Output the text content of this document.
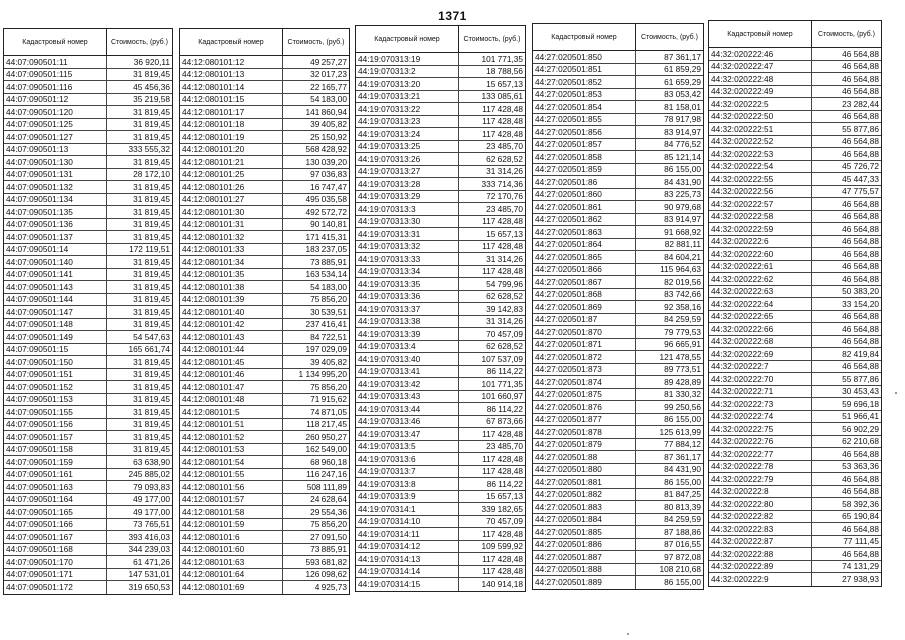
1371
Кадастровый номер	Стоимость, (руб.)
44:07:090501:11	36 920,11
44:07:090501:115	31 819,45
44:07:090501:116	45 456,36
44:07:090501:12	35 219,58
44:07:090501:120	31 819,45
44:07:090501:125	31 819,45
44:07:090501:127	31 819,45
44:07:090501:13	333 555,32
44:07:090501:130	31 819,45
44:07:090501:131	28 172,10
44:07:090501:132	31 819,45
44:07:090501:134	31 819,45
44:07:090501:135	31 819,45
44:07:090501:136	31 819,45
44:07:090501:137	31 819,45
44:07:090501:14	172 119,51
44:07:090501:140	31 819,45
44:07:090501:141	31 819,45
44:07:090501:143	31 819,45
44:07:090501:144	31 819,45
44:07:090501:147	31 819,45
44:07:090501:148	31 819,45
44:07:090501:149	54 547,63
44:07:090501:15	165 661,74
44:07:090501:150	31 819,45
44:07:090501:151	31 819,45
44:07:090501:152	31 819,45
44:07:090501:153	31 819,45
44:07:090501:155	31 819,45
44:07:090501:156	31 819,45
44:07:090501:157	31 819,45
44:07:090501:158	31 819,45
44:07:090501:159	63 638,90
44:07:090501:161	245 885,02
44:07:090501:163	79 093,83
44:07:090501:164	49 177,00
44:07:090501:165	49 177,00
44:07:090501:166	73 765,51
44:07:090501:167	393 416,03
44:07:090501:168	344 239,03
44:07:090501:170	61 471,26
44:07:090501:171	147 531,01
44:07:090501:172	319 650,53
Кадастровый номер	Стоимость, (руб.)
44:12:080101:12	49 257,27
44:12:080101:13	32 017,23
44:12:080101:14	22 165,77
44:12:080101:15	54 183,00
44:12:080101:17	141 860,94
44:12:080101:18	39 405,82
44:12:080101:19	25 150,92
44:12:080101:20	568 428,92
44:12:080101:21	130 039,20
44:12:080101:25	97 036,83
44:12:080101:26	16 747,47
44:12:080101:27	495 035,58
44:12:080101:30	492 572,72
44:12:080101:31	90 140,81
44:12:080101:32	171 415,31
44:12:080101:33	183 237,05
44:12:080101:34	73 885,91
44:12:080101:35	163 534,14
44:12:080101:38	54 183,00
44:12:080101:39	75 856,20
44:12:080101:40	30 539,51
44:12:080101:42	237 416,41
44:12:080101:43	84 722,51
44:12:080101:44	197 029,09
44:12:080101:45	39 405,82
44:12:080101:46	1 134 995,20
44:12:080101:47	75 856,20
44:12:080101:48	71 915,62
44:12:080101:5	74 871,05
44:12:080101:51	118 217,45
44:12:080101:52	260 950,27
44:12:080101:53	162 549,00
44:12:080101:54	68 960,18
44:12:080101:55	116 247,16
44:12:080101:56	508 111,89
44:12:080101:57	24 628,64
44:12:080101:58	29 554,36
44:12:080101:59	75 856,20
44:12:080101:6	27 091,50
44:12:080101:60	73 885,91
44:12:080101:63	593 681,82
44:12:080101:64	126 098,62
44:12:080101:69	4 925,73
Кадастровый номер	Стоимость, (руб.)
44:19:070313:19	101 771,35
44:19:070313:2	18 788,56
44:19:070313:20	15 657,13
44:19:070313:21	133 085,61
44:19:070313:22	117 428,48
44:19:070313:23	117 428,48
44:19:070313:24	117 428,48
44:19:070313:25	23 485,70
44:19:070313:26	62 628,52
44:19:070313:27	31 314,26
44:19:070313:28	333 714,36
44:19:070313:29	72 170,76
44:19:070313:3	23 485,70
44:19:070313:30	117 428,48
44:19:070313:31	15 657,13
44:19:070313:32	117 428,48
44:19:070313:33	31 314,26
44:19:070313:34	117 428,48
44:19:070313:35	54 799,96
44:19:070313:36	62 628,52
44:19:070313:37	39 142,83
44:19:070313:38	31 314,26
44:19:070313:39	70 457,09
44:19:070313:4	62 628,52
44:19:070313:40	107 537,09
44:19:070313:41	86 114,22
44:19:070313:42	101 771,35
44:19:070313:43	101 660,97
44:19:070313:44	86 114,22
44:19:070313:46	67 873,66
44:19:070313:47	117 428,48
44:19:070313:5	23 485,70
44:19:070313:6	117 428,48
44:19:070313:7	117 428,48
44:19:070313:8	86 114,22
44:19:070313:9	15 657,13
44:19:070314:1	339 182,65
44:19:070314:10	70 457,09
44:19:070314:11	117 428,48
44:19:070314:12	109 599,92
44:19:070314:13	117 428,48
44:19:070314:14	117 428,48
44:19:070314:15	140 914,18
Кадастровый номер	Стоимость, (руб.)
44:27:020501:850	87 361,17
44:27:020501:851	61 859,29
44:27:020501:852	61 659,29
44:27:020501:853	83 053,42
44:27:020501:854	81 158,01
44:27:020501:855	78 917,98
44:27:020501:856	83 914,97
44:27:020501:857	84 776,52
44:27:020501:858	85 121,14
44:27:020501:859	86 155,00
44:27:020501:86	84 431,90
44:27:020501:860	83 225,73
44:27:020501:861	90 979,68
44:27:020501:862	83 914,97
44:27:020501:863	91 668,92
44:27:020501:864	82 881,11
44:27:020501:865	84 604,21
44:27:020501:866	115 964,63
44:27:020501:867	82 019,56
44:27:020501:868	83 742,66
44:27:020501:869	92 358,16
44:27:020501:87	84 259,59
44:27:020501:870	79 779,53
44:27:020501:871	96 665,91
44:27:020501:872	121 478,55
44:27:020501:873	89 773,51
44:27:020501:874	89 428,89
44:27:020501:875	81 330,32
44:27:020501:876	99 250,56
44:27:020501:877	86 155,00
44:27:020501:878	125 613,99
44:27:020501:879	77 884,12
44:27:020501:88	87 361,17
44:27:020501:880	84 431,90
44:27:020501:881	86 155,00
44:27:020501:882	81 847,25
44:27:020501:883	80 813,39
44:27:020501:884	84 259,59
44:27:020501:885	87 188,86
44:27:020501:886	87 016,55
44:27:020501:887	97 872,08
44:27:020501:888	108 210,68
44:27:020501:889	86 155,00
Кадастровый номер	Стоимость, (руб.)
44:32:020222:46	46 564,88
44:32:020222:47	46 564,88
44:32:020222:48	46 564,88
44:32:020222:49	46 564,88
44:32:020222:5	23 282,44
44:32:020222:50	46 564,88
44:32:020222:51	55 877,86
44:32:020222:52	46 564,88
44:32:020222:53	46 564,88
44:32:020222:54	45 726,72
44:32:020222:55	45 447,33
44:32:020222:56	47 775,57
44:32:020222:57	46 564,88
44:32:020222:58	46 564,88
44:32:020222:59	46 564,88
44:32:020222:6	46 564,88
44:32:020222:60	46 564,88
44:32:020222:61	46 564,88
44:32:020222:62	46 564,88
44:32:020222:63	50 383,20
44:32:020222:64	33 154,20
44:32:020222:65	46 564,88
44:32:020222:66	46 564,88
44:32:020222:68	46 564,88
44:32:020222:69	82 419,84
44:32:020222:7	46 564,88
44:32:020222:70	55 877,86
44:32:020222:71	30 453,43
44:32:020222:73	59 696,18
44:32:020222:74	51 966,41
44:32:020222:75	56 902,29
44:32:020222:76	62 210,68
44:32:020222:77	46 564,88
44:32:020222:78	53 363,36
44:32:020222:79	46 564,88
44:32:020222:8	46 564,88
44:32:020222:80	58 392,36
44:32:020222:82	65 190,84
44:32:020222:83	46 564,88
44:32:020222:87	77 111,45
44:32:020222:88	46 564,88
44:32:020222:89	74 131,29
44:32:020222:9	27 938,93
